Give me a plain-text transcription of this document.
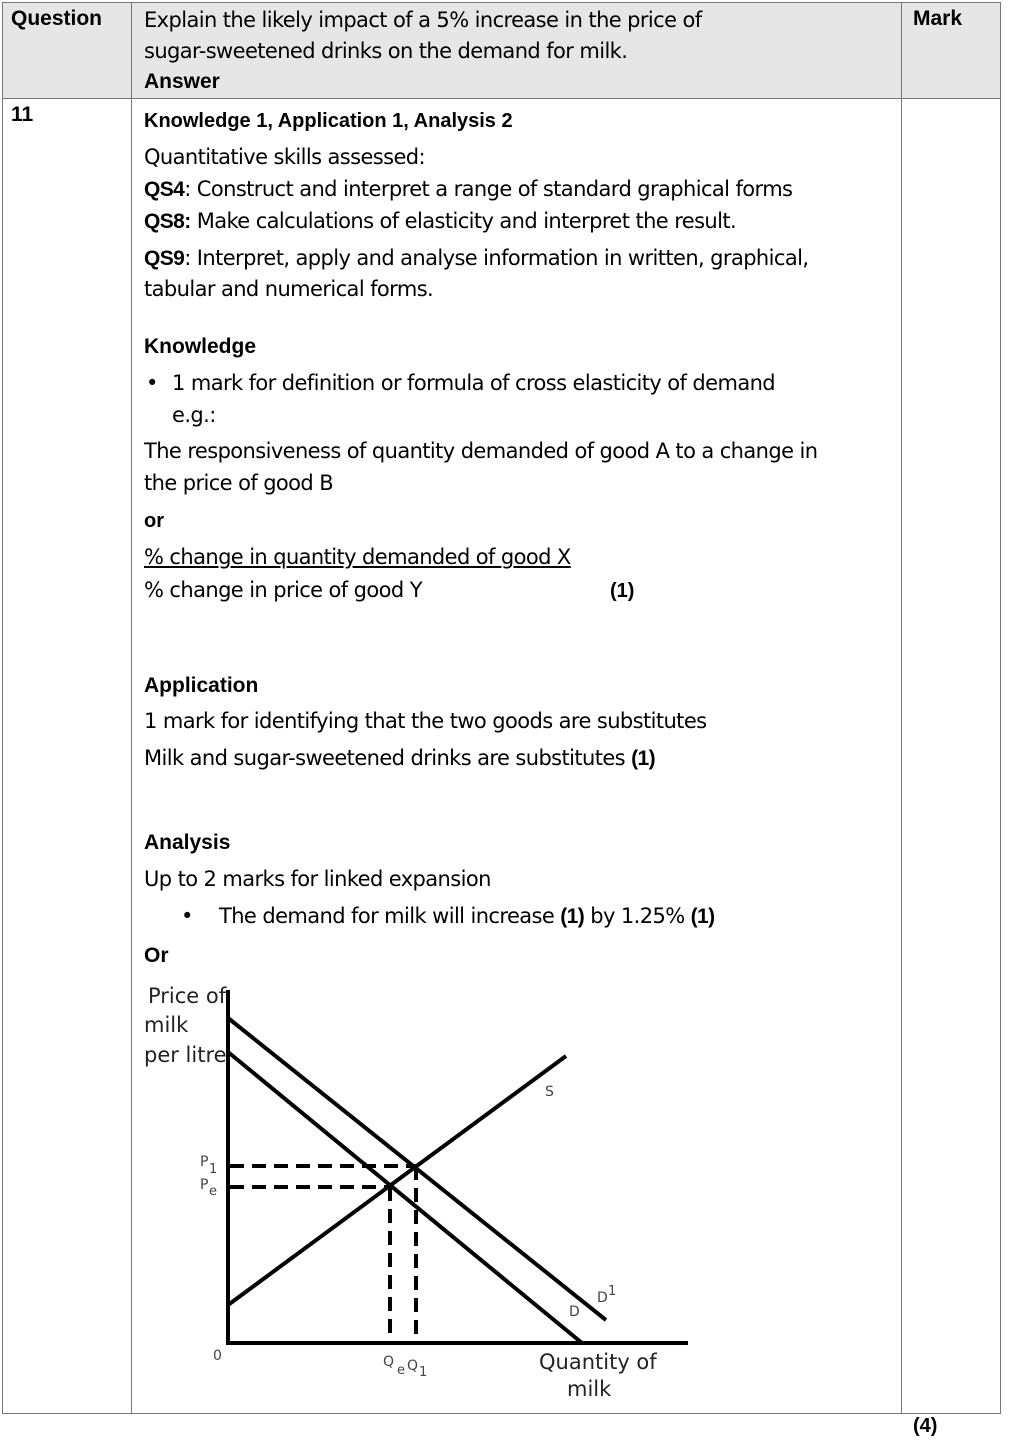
Question Explain the likely impact of a 5% increase in the price of
sugar-sweetened drinks on the demand for milk.
Answer
Mark
11	Knowledge 1, Application 1, Analysis 2
Quantitative skills assessed:
QS4: Construct and interpret a range of standard graphical forms
QS8: Make calculations of elasticity and interpret the result.
QS9: Interpret, apply and analyse information in written, graphical,
tabular and numerical forms.
Knowledge
• 1 mark for definition or formula of cross elasticity of demand
e.g.:
The responsiveness of quantity demanded of good A to a change in
the price of good B
or
% change in quantity demanded of good X
% change in price of good Y	(1)
Application
1 mark for identifying that the two goods are substitutes
Milk and sugar-sweetened drinks are substitutes (1)
Analysis
Up to 2 marks for linked expansion
• The demand for milk will increase (1) by 1.25% (1)
Or
Price of
milk
per litre
Quantity of
milk
0
S
D
D 1
P 1
P e
Q
e Q 1
(4)
